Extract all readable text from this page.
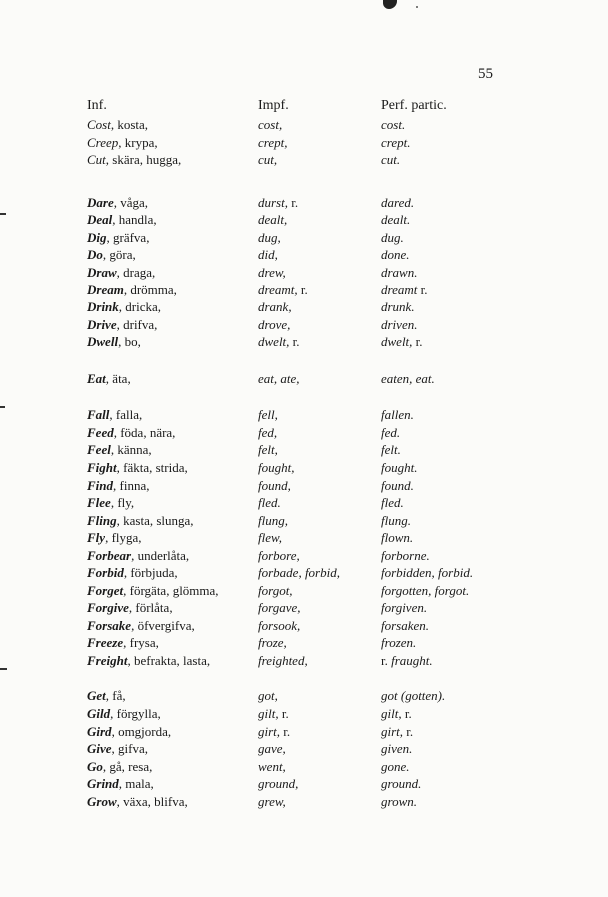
55
Inf.	Impf.	Perf. partic.
Cost, kosta,	cost,	cost.
Creep, krypa,	crept,	crept.
Cut, skära, hugga,	cut,	cut.
Dare, våga,	durst, r.	dared.
Deal, handla,	dealt,	dealt.
Dig, gräfva,	dug,	dug.
Do, göra,	did,	done.
Draw, draga,	drew,	drawn.
Dream, drömma,	dreamt, r.	dreamt r.
Drink, dricka,	drank,	drunk.
Drive, drifva,	drove,	driven.
Dwell, bo,	dwelt, r.	dwelt, r.
Eat, äta,	eat, ate,	eaten, eat.
Fall, falla,	fell,	fallen.
Feed, föda, nära,	fed,	fed.
Feel, känna,	felt,	felt.
Fight, fäkta, strida,	fought,	fought.
Find, finna,	found,	found.
Flee, fly,	fled.	fled.
Fling, kasta, slunga,	flung,	flung.
Fly, flyga,	flew,	flown.
Forbear, underlåta,	forbore,	forborne.
Forbid, förbjuda,	forbade, forbid,	forbidden, forbid.
Forget, förgäta, glömma,	forgot,	forgotten, forgot.
Forgive, förlåta,	forgave,	forgiven.
Forsake, öfvergifva,	forsook,	forsaken.
Freeze, frysa,	froze,	frozen.
Freight, befrakta, lasta,	freighted,	r. fraught.
Get, få,	got,	got (gotten).
Gild, förgylla,	gilt, r.	gilt, r.
Gird, omgjorda,	girt, r.	girt, r.
Give, gifva,	gave,	given.
Go, gå, resa,	went,	gone.
Grind, mala,	ground,	ground.
Grow, växa, blifva,	grew,	grown.
